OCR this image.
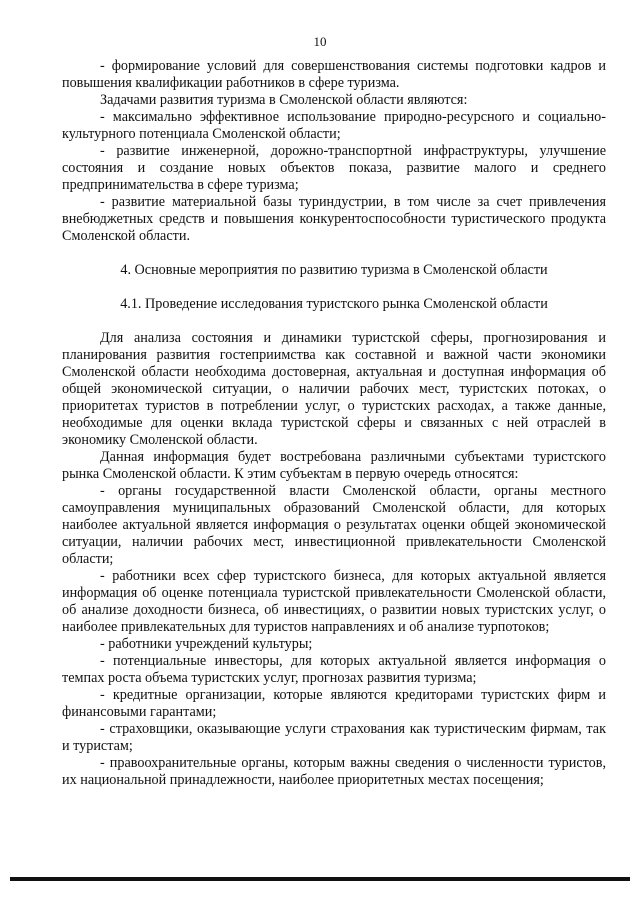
10

- формирование условий для совершенствования системы подготовки кадров и повышения квалификации работников в сфере туризма.

Задачами развития туризма в Смоленской области являются:

- максимально эффективное использование природно-ресурсного и социально-культурного потенциала Смоленской области;

- развитие инженерной, дорожно-транспортной инфраструктуры, улучшение состояния и создание новых объектов показа, развитие малого и среднего предпринимательства в сфере туризма;

- развитие материальной базы туриндустрии, в том числе за счет привлечения внебюджетных средств и повышения конкурентоспособности туристического продукта Смоленской области.

4. Основные мероприятия по развитию туризма в Смоленской области
4.1. Проведение исследования туристского рынка Смоленской области

Для анализа состояния и динамики туристской сферы, прогнозирования и планирования развития гостеприимства как составной и важной части экономики Смоленской области необходима достоверная, актуальная и доступная информация об общей экономической ситуации, о наличии рабочих мест, туристских потоках, о приоритетах туристов в потреблении услуг, о туристских расходах, а также данные, необходимые для оценки вклада туристской сферы и связанных с ней отраслей в экономику Смоленской области.

Данная информация будет востребована различными субъектами туристского рынка Смоленской области. К этим субъектам в первую очередь относятся:

- органы государственной власти Смоленской области, органы местного самоуправления муниципальных образований Смоленской области, для которых наиболее актуальной является информация о результатах оценки общей экономической ситуации, наличии рабочих мест, инвестиционной привлекательности Смоленской области;

- работники всех сфер туристского бизнеса, для которых актуальной является информация об оценке потенциала туристской привлекательности Смоленской области, об анализе доходности бизнеса, об инвестициях, о развитии новых туристских услуг, о наиболее привлекательных для туристов направлениях и об анализе турпотоков;

- работники учреждений культуры;

- потенциальные инвесторы, для которых актуальной является информация о темпах роста объема туристских услуг, прогнозах развития туризма;

- кредитные организации, которые являются кредиторами туристских фирм и финансовыми гарантами;

- страховщики, оказывающие услуги страхования как туристическим фирмам, так и туристам;

- правоохранительные органы, которым важны сведения о численности туристов, их национальной принадлежности, наиболее приоритетных местах посещения;
